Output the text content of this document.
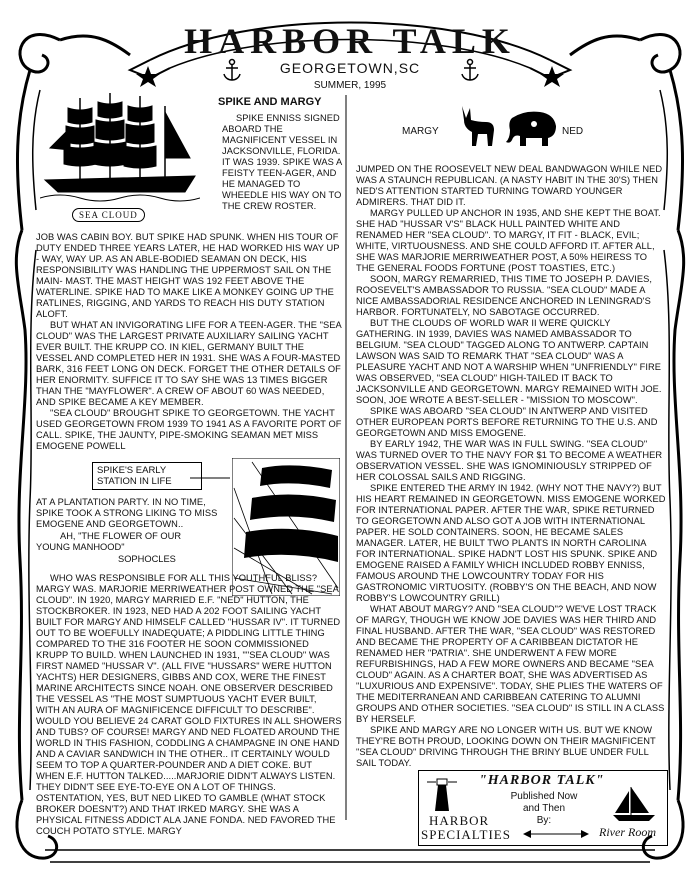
HARBOR TALK
GEORGETOWN,SC
SUMMER, 1995
SEA CLOUD
SPIKE AND MARGY

SPIKE ENNISS SIGNED ABOARD THE MAGNIFICENT VESSEL IN JACKSONVILLE, FLORIDA. IT WAS 1939. SPIKE WAS A FEISTY TEEN-AGER, AND HE MANAGED TO WHEEDLE HIS WAY ON TO THE CREW ROSTER.

JOB WAS CABIN BOY. BUT SPIKE HAD SPUNK. WHEN HIS TOUR OF DUTY ENDED THREE YEARS LATER, HE HAD WORKED HIS WAY UP - WAY, WAY UP. AS AN ABLE-BODIED SEAMAN ON DECK, HIS RESPONSIBILITY WAS HANDLING THE UPPERMOST SAIL ON THE MAIN- MAST. THE MAST HEIGHT WAS 192 FEET ABOVE THE WATERLINE. SPIKE HAD TO MAKE LIKE A MONKEY GOING UP THE RATLINES, RIGGING, AND YARDS TO REACH HIS DUTY STATION ALOFT.

BUT WHAT AN INVIGORATING LIFE FOR A TEEN-AGER. THE "SEA CLOUD" WAS THE LARGEST PRIVATE AUXILIARY SAILING YACHT EVER BUILT. THE KRUPP CO. IN KIEL, GERMANY BUILT THE VESSEL AND COMPLETED HER IN 1931. SHE WAS A FOUR-MASTED BARK, 316 FEET LONG ON DECK. FORGET THE OTHER DETAILS OF HER ENORMITY. SUFFICE IT TO SAY SHE WAS 13 TIMES BIGGER THAN THE "MAYFLOWER". A CREW OF ABOUT 60 WAS NEEDED, AND SPIKE BECAME A KEY MEMBER.

"SEA CLOUD" BROUGHT SPIKE TO GEORGETOWN. THE YACHT USED GEORGETOWN FROM 1939 TO 1941 AS A FAVORITE PORT OF CALL. SPIKE, THE JAUNTY, PIPE-SMOKING SEAMAN MET MISS EMOGENE POWELL

SPIKE'S EARLY STATION IN LIFE

AT A PLANTATION PARTY. IN NO TIME, SPIKE TOOK A STRONG LIKING TO MISS EMOGENE AND GEORGETOWN..

AH, "THE FLOWER OF OUR
YOUNG MANHOOD"
SOPHOCLES

WHO WAS RESPONSIBLE FOR ALL THIS YOUTHFUL BLISS? MARGY WAS. MARJORIE MERRIWEATHER POST OWNED THE "SEA CLOUD". IN 1920, MARGY MARRIED E.F. "NED" HUTTON, THE STOCKBROKER. IN 1923, NED HAD A 202 FOOT SAILING YACHT BUILT FOR MARGY AND HIMSELF CALLED "HUSSAR IV". IT TURNED OUT TO BE WOEFULLY INADEQUATE; A PIDDLING LITTLE THING COMPARED TO THE 316 FOOTER HE SOON COMMISSIONED KRUPP TO BUILD. WHEN LAUNCHED IN 1931, ""SEA CLOUD" WAS FIRST NAMED "HUSSAR V". (ALL FIVE "HUSSARS" WERE HUTTON YACHTS) HER DESIGNERS, GIBBS AND COX, WERE THE FINEST MARINE ARCHITECTS SINCE NOAH. ONE OBSERVER DESCRIBED THE VESSEL AS "THE MOST SUMPTUOUS YACHT EVER BUILT, WITH AN AURA OF MAGNIFICENCE DIFFICULT TO DESCRIBE". WOULD YOU BELIEVE 24 CARAT GOLD FIXTURES IN ALL SHOWERS AND TUBS? OF COURSE! MARGY AND NED FLOATED AROUND THE WORLD IN THIS FASHION, CODDLING A CHAMPAGNE IN ONE HAND AND A CAVIAR SANDWICH IN THE OTHER.. IT CERTAINLY WOULD SEEM TO TOP A QUARTER-POUNDER AND A DIET COKE. BUT WHEN E.F. HUTTON TALKED.....MARJORIE DIDN'T ALWAYS LISTEN. THEY DIDN'T SEE EYE-TO-EYE ON A LOT OF THINGS. OSTENTATION, YES, BUT NED LIKED TO GAMBLE (WHAT STOCK BROKER DOESN'T?) AND THAT IRKED MARGY. SHE WAS A PHYSICAL FITNESS ADDICT ALA JANE FONDA. NED FAVORED THE COUCH POTATO STYLE. MARGY

MARGY	NED

JUMPED ON THE ROOSEVELT NEW DEAL BANDWAGON WHILE NED WAS A STAUNCH REPUBLICAN. (A NASTY HABIT IN THE 30'S) THEN NED'S ATTENTION STARTED TURNING TOWARD YOUNGER ADMIRERS. THAT DID IT.

MARGY PULLED UP ANCHOR IN 1935, AND SHE KEPT THE BOAT. SHE HAD "HUSSAR V'S" BLACK HULL PAINTED WHITE AND RENAMED HER "SEA CLOUD". TO MARGY, IT FIT - BLACK, EVIL; WHITE, VIRTUOUSNESS. AND SHE COULD AFFORD IT. AFTER ALL, SHE WAS MARJORIE MERRIWEATHER POST, A 50% HEIRESS TO THE GENERAL FOODS FORTUNE (POST TOASTIES, ETC.)

SOON, MARGY REMARRIED, THIS TIME TO JOSEPH P. DAVIES, ROOSEVELT'S AMBASSADOR TO RUSSIA. "SEA CLOUD" MADE A NICE AMBASSADORIAL RESIDENCE ANCHORED IN LENINGRAD'S HARBOR. FORTUNATELY, NO SABOTAGE OCCURRED.

BUT THE CLOUDS OF WORLD WAR II WERE QUICKLY GATHERING. IN 1939, DAVIES WAS NAMED AMBASSADOR TO BELGIUM. "SEA CLOUD" TAGGED ALONG TO ANTWERP. CAPTAIN LAWSON WAS SAID TO REMARK THAT "SEA CLOUD" WAS A PLEASURE YACHT AND NOT A WARSHIP WHEN "UNFRIENDLY" FIRE WAS OBSERVED, "SEA CLOUD" HIGH-TAILED IT BACK TO JACKSONVILLE AND GEORGETOWN. MARGY REMAINED WITH JOE. SOON, JOE WROTE A BEST-SELLER - "MISSION TO MOSCOW".

SPIKE WAS ABOARD "SEA CLOUD" IN ANTWERP AND VISITED OTHER EUROPEAN PORTS BEFORE RETURNING TO THE U.S. AND GEORGETOWN AND MISS EMOGENE.

BY EARLY 1942, THE WAR WAS IN FULL SWING. "SEA CLOUD" WAS TURNED OVER TO THE NAVY FOR $1 TO BECOME A WEATHER OBSERVATION VESSEL. SHE WAS IGNOMINIOUSLY STRIPPED OF HER COLOSSAL SAILS AND RIGGING.

SPIKE ENTERED THE ARMY IN 1942. (WHY NOT THE NAVY?) BUT HIS HEART REMAINED IN GEORGETOWN. MISS EMOGENE WORKED FOR INTERNATIONAL PAPER. AFTER THE WAR, SPIKE RETURNED TO GEORGETOWN AND ALSO GOT A JOB WITH INTERNATIONAL PAPER. HE SOLD CONTAINERS. SOON, HE BECAME SALES MANAGER. LATER, HE BUILT TWO PLANTS IN NORTH CAROLINA FOR INTERNATIONAL. SPIKE HADN'T LOST HIS SPUNK. SPIKE AND EMOGENE RAISED A FAMILY WHICH INCLUDED ROBBY ENNISS, FAMOUS AROUND THE LOWCOUNTRY TODAY FOR HIS GASTRONOMIC VIRTUOSITY. (ROBBY'S ON THE BEACH, AND NOW ROBBY'S LOWCOUNTRY GRILL)

WHAT ABOUT MARGY? AND "SEA CLOUD"? WE'VE LOST TRACK OF MARGY, THOUGH WE KNOW JOE DAVIES WAS HER THIRD AND FINAL HUSBAND. AFTER THE WAR, "SEA CLOUD" WAS RESTORED AND BECAME THE PROPERTY OF A CARIBBEAN DICTATOR HE RENAMED HER "PATRIA". SHE UNDERWENT A FEW MORE REFURBISHINGS, HAD A FEW MORE OWNERS AND BECAME "SEA CLOUD" AGAIN. AS A CHARTER BOAT, SHE WAS ADVERTISED AS "LUXURIOUS AND EXPENSIVE". TODAY, SHE PLIES THE WATERS OF THE MEDITERRANEAN AND CARIBBEAN CATERING TO ALUMNI GROUPS AND OTHER SOCIETIES. "SEA CLOUD" IS STILL IN A CLASS BY HERSELF.

SPIKE AND MARGY ARE NO LONGER WITH US. BUT WE KNOW THEY'RE BOTH PROUD, LOOKING DOWN ON THEIR MAGNIFICENT "SEA CLOUD" DRIVING THROUGH THE BRINY BLUE UNDER FULL SAIL TODAY.

"HARBOR TALK"
Published Now
and Then
By:
HARBOR
SPECIALTIES	River Room
